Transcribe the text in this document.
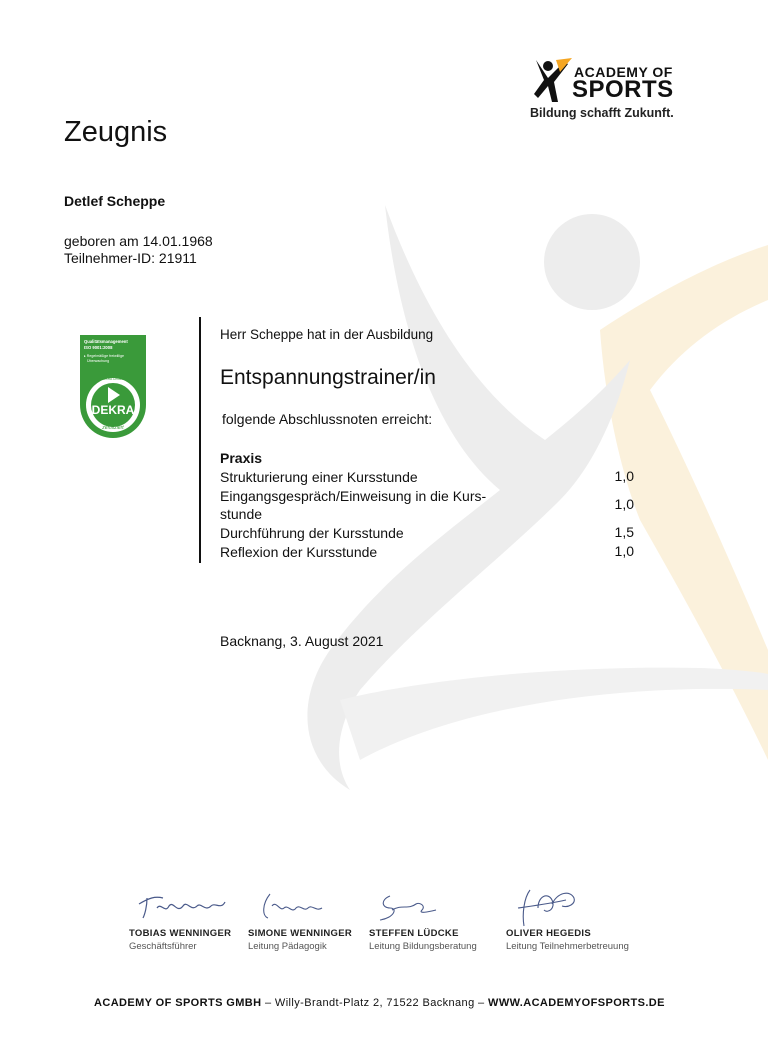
ACADEMY OF
SPORTS
Bildung schafft Zukunft.
Zeugnis
Detlef Scheppe
geboren am 14.01.1968
Teilnehmer-ID: 21911
Qualitätsmanagement
ISO 9001:2008
▸ Regelmäßige freiwillige
Überwachung
DEKRA Certified
DEKRA
zertifiziert
Herr Scheppe hat in der Ausbildung
Entspannungstrainer/in
folgende Abschlussnoten erreicht:
Praxis
Strukturierung einer Kursstunde	1,0
Eingangsgespräch/Einweisung in die Kurs-stunde
1,0
Durchführung der Kursstunde	1,5
Reflexion der Kursstunde	1,0
Backnang, 3. August 2021
TOBIAS WENNINGER
Geschäftsführer
SIMONE WENNINGER
Leitung Pädagogik
STEFFEN LÜDCKE
Leitung Bildungsberatung
OLIVER HEGEDIS
Leitung Teilnehmerbetreuung
ACADEMY OF SPORTS GMBH – Willy-Brandt-Platz 2, 71522 Backnang – WWW.ACADEMYOFSPORTS.DE
